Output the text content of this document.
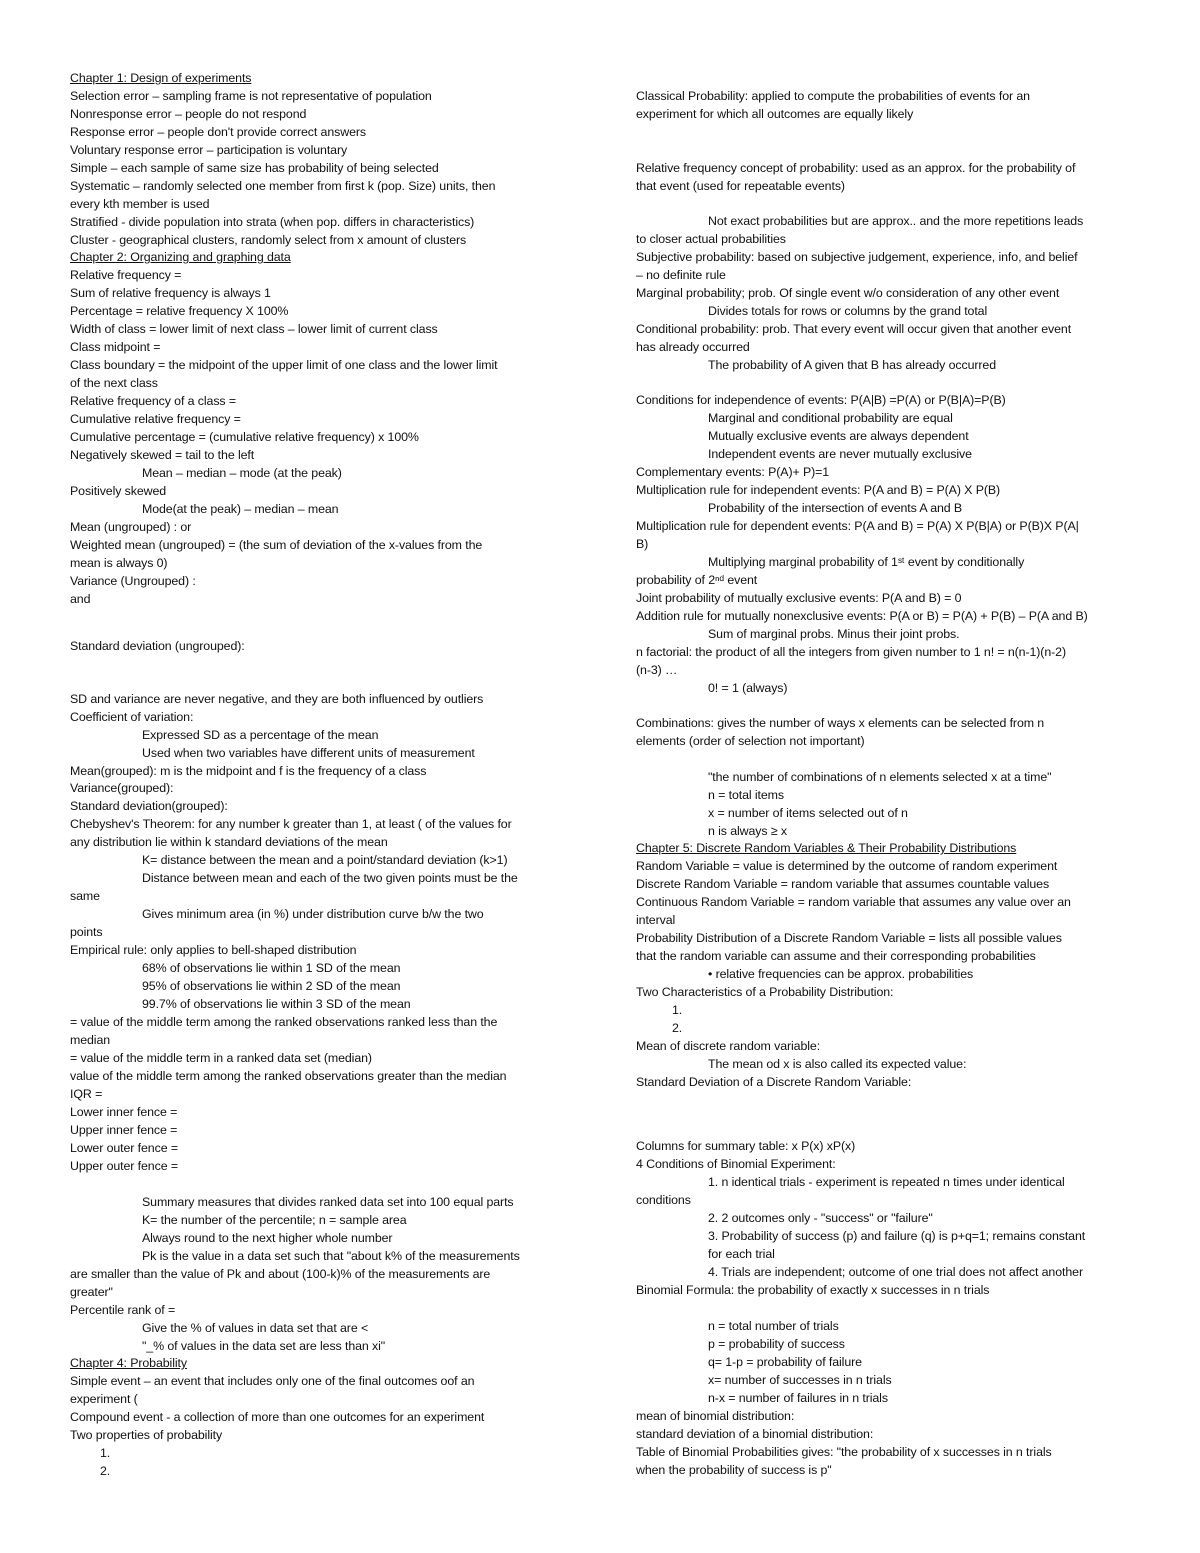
Chapter 1: Design of experiments
Selection error – sampling frame is not representative of population
Nonresponse error – people do not respond
Response error – people don't provide correct answers
Voluntary response error – participation is voluntary
Simple – each sample of same size has probability of being selected
Systematic – randomly selected one member from first k (pop. Size) units, then
every kth member is used
Stratified - divide population into strata (when pop. differs in characteristics)
Cluster - geographical clusters, randomly select from x amount of clusters
Chapter 2: Organizing and graphing data
Relative frequency =
Sum of relative frequency is always 1
Percentage = relative frequency X 100%
Width of class = lower limit of next class – lower limit of current class
Class midpoint =
Class boundary = the midpoint of the upper limit of one class and the lower limit
of the next class
Relative frequency of a class =
Cumulative relative frequency =
Cumulative percentage = (cumulative relative frequency) x 100%
Negatively skewed = tail to the left
Mean – median – mode (at the peak)
Positively skewed
Mode(at the peak) – median – mean
Mean (ungrouped) : or
Weighted mean (ungrouped) = (the sum of deviation of the x-values from the
mean is always 0)
Variance (Ungrouped) :
and
Standard deviation (ungrouped):
SD and variance are never negative, and they are both influenced by outliers
Coefficient of variation:
Expressed SD as a percentage of the mean
Used when two variables have different units of measurement
Mean(grouped): m is the midpoint and f is the frequency of a class
Variance(grouped):
Standard deviation(grouped):
Chebyshev's Theorem: for any number k greater than 1, at least ( of the values for
any distribution lie within k standard deviations of the mean
K= distance between the mean and a point/standard deviation (k>1)
Distance between mean and each of the two given points must be the
same
Gives minimum area (in %) under distribution curve b/w the two
points
Empirical rule: only applies to bell-shaped distribution
68% of observations lie within 1 SD of the mean
95% of observations lie within 2 SD of the mean
99.7% of observations lie within 3 SD of the mean
= value of the middle term among the ranked observations ranked less than the
median
= value of the middle term in a ranked data set (median)
value of the middle term among the ranked observations greater than the median
IQR =
Lower inner fence =
Upper inner fence =
Lower outer fence =
Upper outer fence =
Summary measures that divides ranked data set into 100 equal parts
K= the number of the percentile; n = sample area
Always round to the next higher whole number
Pk is the value in a data set such that "about k% of the measurements
are smaller than the value of Pk and about (100-k)% of the measurements are
greater"
Percentile rank of =
Give the % of values in data set that are <
"_% of values in the data set are less than xi"
Chapter 4: Probability
Simple event – an event that includes only one of the final outcomes oof an
experiment (
Compound event - a collection of more than one outcomes for an experiment
Two properties of probability
1.
2.
Classical Probability: applied to compute the probabilities of events for an
experiment for which all outcomes are equally likely
Relative frequency concept of probability: used as an approx. for the probability of
that event (used for repeatable events)
Not exact probabilities but are approx.. and the more repetitions leads
to closer actual probabilities
Subjective probability: based on subjective judgement, experience, info, and belief
– no definite rule
Marginal probability; prob. Of single event w/o consideration of any other event
Divides totals for rows or columns by the grand total
Conditional probability: prob. That every event will occur given that another event
has already occurred
The probability of A given that B has already occurred
Conditions for independence of events: P(A|B) =P(A) or P(B|A)=P(B)
Marginal and conditional probability are equal
Mutually exclusive events are always dependent
Independent events are never mutually exclusive
Complementary events: P(A)+ P)=1
Multiplication rule for independent events: P(A and B) = P(A) X P(B)
Probability of the intersection of events A and B
Multiplication rule for dependent events: P(A and B) = P(A) X P(B|A) or P(B)X P(A|
B)
Multiplying marginal probability of 1ˢᵗ event by conditionally
probability of 2ⁿᵈ event
Joint probability of mutually exclusive events: P(A and B) = 0
Addition rule for mutually nonexclusive events: P(A or B) = P(A) + P(B) – P(A and B)
Sum of marginal probs. Minus their joint probs.
n factorial: the product of all the integers from given number to 1 n! = n(n-1)(n-2)
(n-3) …
0! = 1 (always)
Combinations: gives the number of ways x elements can be selected from n
elements (order of selection not important)
"the number of combinations of n elements selected x at a time"
n = total items
x = number of items selected out of n
n is always ≥ x
Chapter 5: Discrete Random Variables & Their Probability Distributions
Random Variable = value is determined by the outcome of random experiment
Discrete Random Variable = random variable that assumes countable values
Continuous Random Variable = random variable that assumes any value over an
interval
Probability Distribution of a Discrete Random Variable = lists all possible values
that the random variable can assume and their corresponding probabilities
• relative frequencies can be approx. probabilities
Two Characteristics of a Probability Distribution:
1.
2.
Mean of discrete random variable:
The mean od x is also called its expected value:
Standard Deviation of a Discrete Random Variable:
Columns for summary table: x P(x) xP(x)
4 Conditions of Binomial Experiment:
1. n identical trials - experiment is repeated n times under identical
conditions
2. 2 outcomes only - "success" or "failure"
3. Probability of success (p) and failure (q) is p+q=1; remains constant
for each trial
4. Trials are independent; outcome of one trial does not affect another
Binomial Formula: the probability of exactly x successes in n trials
n = total number of trials
p = probability of success
q= 1-p = probability of failure
x= number of successes in n trials
n-x = number of failures in n trials
mean of binomial distribution:
standard deviation of a binomial distribution:
Table of Binomial Probabilities gives: "the probability of x successes in n trials
when the probability of success is p"
